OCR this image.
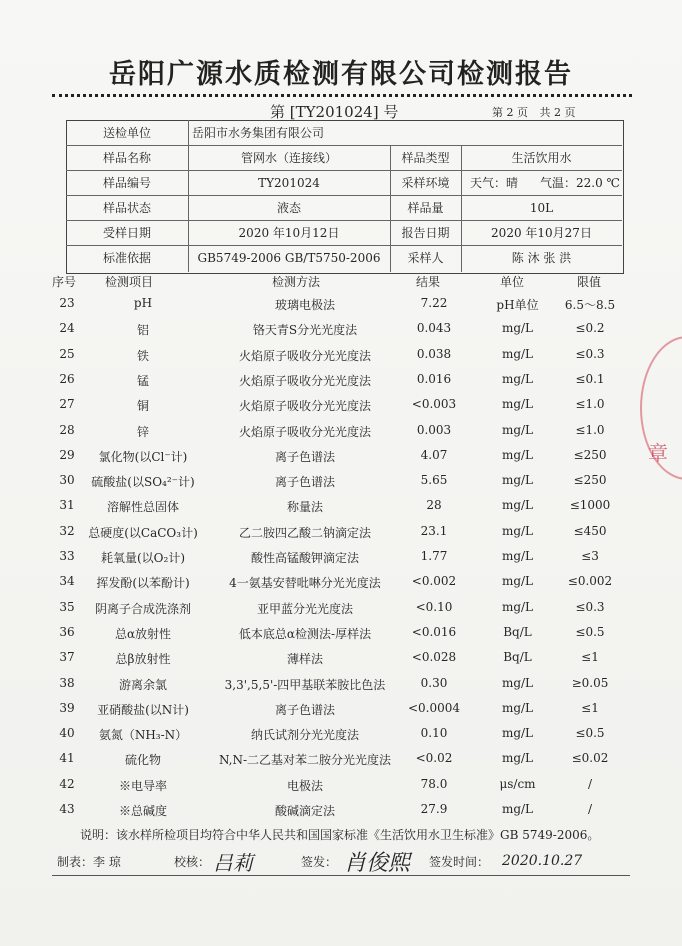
岳阳广源水质检测有限公司检测报告
第 [TY201024] 号	第 2 页 共 2 页
送检单位	岳阳市水务集团有限公司
样品名称	管网水（连接线）	样品类型	生活饮用水
样品编号	TY201024	采样环境	天气：晴 气温：22.0 ℃
样品状态	液态	样品量	10L
受样日期	2020 年10月12日	报告日期	2020 年10月27日
标准依据	GB5749-2006 GB/T5750-2006	采样人	陈 沐 张 洪
序号 检测项目	检测方法	结果	单位	限值
23	pH	玻璃电极法	7.22	pH单位	6.5～8.5
24	铝	铬天青S分光光度法	0.043	mg/L	≤0.2
25	铁	火焰原子吸收分光光度法	0.038	mg/L	≤0.3
26	锰	火焰原子吸收分光光度法	0.016	mg/L	≤0.1
27	铜	火焰原子吸收分光光度法	<0.003	mg/L	≤1.0
28	锌	火焰原子吸收分光光度法	0.003	mg/L	≤1.0
29	氯化物(以Cl⁻计)	离子色谱法	4.07	mg/L	≤250
30	硫酸盐(以SO₄²⁻计)	离子色谱法	5.65	mg/L	≤250
31	溶解性总固体	称量法	28	mg/L	≤1000
32	总硬度(以CaCO₃计)	乙二胺四乙酸二钠滴定法	23.1	mg/L	≤450
33	耗氧量(以O₂计)	酸性高锰酸钾滴定法	1.77	mg/L	≤3
34	挥发酚(以苯酚计)	4一氨基安替吡啉分光光度法	<0.002	mg/L	≤0.002
35	阴离子合成洗涤剂	亚甲蓝分光光度法	<0.10	mg/L	≤0.3
36	总α放射性	低本底总α检测法-厚样法	<0.016	Bq/L	≤0.5
37	总β放射性	薄样法	<0.028	Bq/L	≤1
38	游离余氯	3,3',5,5'-四甲基联苯胺比色法	0.30	mg/L	≥0.05
39	亚硝酸盐(以N计)	离子色谱法	<0.0004	mg/L	≤1
40	氨氮（NH₃-N）	纳氏试剂分光光度法	0.10	mg/L	≤0.5
41	硫化物	N,N-二乙基对苯二胺分光光度法	<0.02	mg/L	≤0.02
42	※电导率	电极法	78.0	μs/cm	/
43	※总碱度	酸碱滴定法	27.9	mg/L	/
说明：该水样所检项目均符合中华人民共和国国家标准《生活饮用水卫生标准》GB 5749-2006。
制表：李 琼	校核： 吕莉	签发： 肖俊熙 签发时间： 2020.10.27
章
